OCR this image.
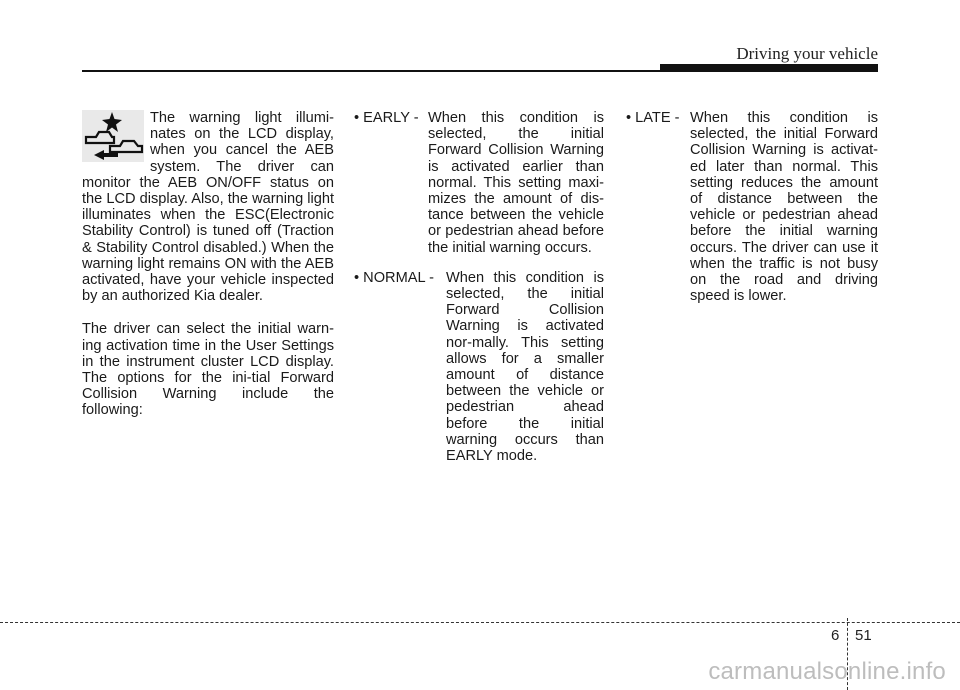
Driving your vehicle

The warning light illumi-nates on the LCD display, when you cancel the AEB system. The driver can monitor the AEB ON/OFF status on the LCD display. Also, the warning light illuminates when the ESC(Electronic Stability Control) is tuned off (Traction & Stability Control disabled.) When the warning light remains ON with the AEB activated, have your vehicle inspected by an authorized Kia dealer.

The driver can select the initial warn-ing activation time in the User Settings in the instrument cluster LCD display. The options for the ini-tial Forward Collision Warning include the following:

• EARLY - When this condition is selected, the initial Forward Collision Warning is activated earlier than normal. This setting maxi-mizes the amount of dis-tance between the vehicle or pedestrian ahead before the initial warning occurs.
• NORMAL - When this condition is selected, the initial Forward Collision Warning is activated nor-mally. This setting allows for a smaller amount of distance between the vehicle or pedestrian ahead before the initial warning occurs than EARLY mode.
• LATE - When this condition is selected, the initial Forward Collision Warning is activat-ed later than normal. This setting reduces the amount of distance between the vehicle or pedestrian ahead before the initial warning occurs. The driver can use it when the traffic is not busy on the road and driving speed is lower.
6 51
carmanualsonline.info
